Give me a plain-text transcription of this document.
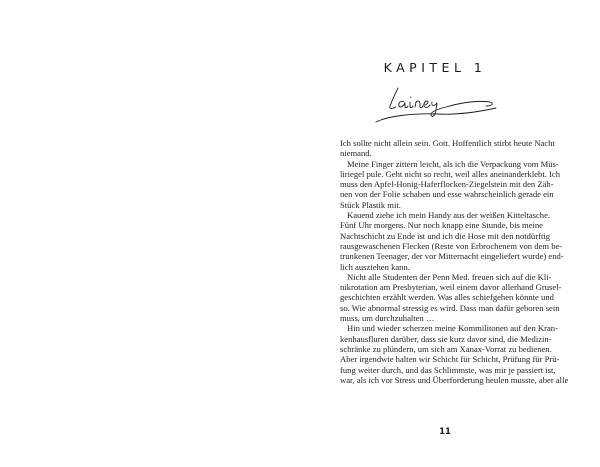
KAPITEL 1
Ich sollte nicht allein sein. Gott. Hoffentlich stirbt heute Nacht
niemand.
Meine Finger zittern leicht, als ich die Verpackung vom Müs-
liriegel pule. Geht nicht so recht, weil alles aneinanderklebt. Ich
muss den Apfel-Honig-Haferflocken-Ziegelstein mit den Zäh-
nen von der Folie schaben und esse wahrscheinlich gerade ein
Stück Plastik mit.
Kauend ziehe ich mein Handy aus der weißen Kitteltasche.
Fünf Uhr morgens. Nur noch knapp eine Stunde, bis meine
Nachtschicht zu Ende ist und ich die Hose mit den notdürftig
rausgewaschenen Flecken (Reste von Erbrochenem von dem be-
trunkenen Teenager, der vor Mitternacht eingeliefert wurde) end-
lich ausziehen kann.
Nicht alle Studenten der Penn Med. freuen sich auf die Kli-
nikrotation am Presbyterian, weil einem davor allerhand Grusel-
geschichten erzählt werden. Was alles schiefgehen könnte und
so. Wie abnormal stressig es wird. Dass man dafür geboren sein
muss, um durchzuhalten …
Hin und wieder scherzen meine Kommilitonen auf den Kran-
kenhausfluren darüber, dass sie kurz davor sind, die Medizin-
schränke zu plündern, um sich am Xanax-Vorrat zu bedienen.
Aber irgendwie halten wir Schicht für Schicht, Prüfung für Prü-
fung weiter durch, und das Schlimmste, was mir je passiert ist,
war, als ich vor Stress und Überforderung heulen musste, aber alle
11
